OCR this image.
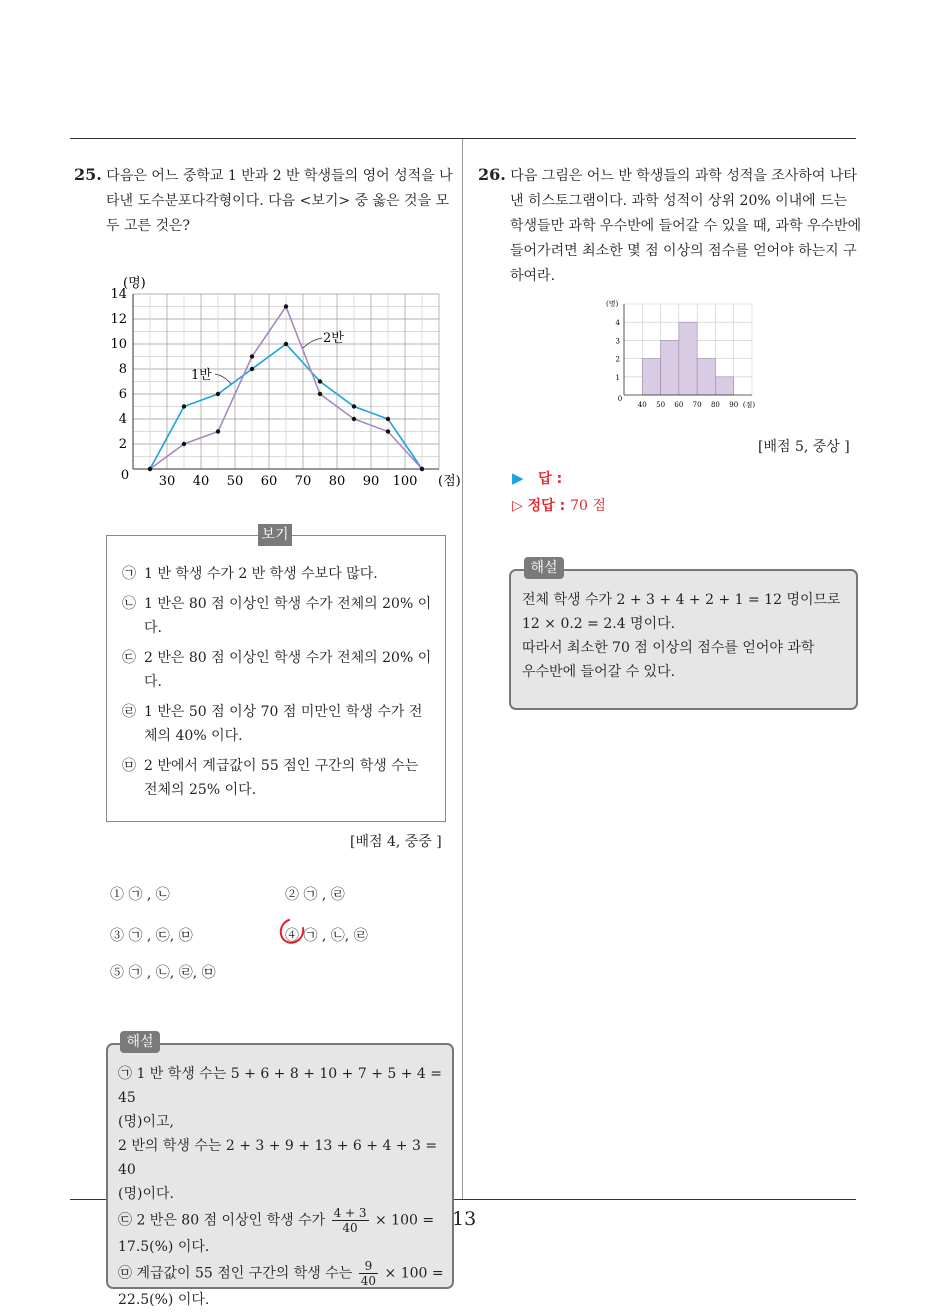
25. 다음은 어느 중학교 1 반과 2 반 학생들의 영어 성적을 나타낸 도수분포다각형이다. 다음 <보기> 중 옳은 것을 모두 고른 것은?
2
4
6
8
10
12
14
0 30 40 50 60 70 80 90 100
(명)
(점)
1반
2반
보기
㉠ 1 반 학생 수가 2 반 학생 수보다 많다.
㉡ 1 반은 80 점 이상인 학생 수가 전체의 20% 이다.
㉢ 2 반은 80 점 이상인 학생 수가 전체의 20% 이다.
㉣ 1 반은 50 점 이상 70 점 미만인 학생 수가 전체의 40% 이다.
㉤ 2 반에서 계급값이 55 점인 구간의 학생 수는 전체의 25% 이다.
[배점 4, 중중 ]
① ㉠ , ㉡	② ㉠ , ㉣
③ ㉠ , ㉢, ㉤	④ ㉠ , ㉡, ㉣
⑤ ㉠ , ㉡, ㉣, ㉤
해설
㉠ 1 반 학생 수는 5 + 6 + 8 + 10 + 7 + 5 + 4 = 45
(명)이고,
2 반의 학생 수는 2 + 3 + 9 + 13 + 6 + 4 + 3 = 40
(명)이다.
㉢ 2 반은 80 점 이상인 학생 수가 $\frac{4 + 3}{40} \times 100$ =
17.5(%) 이다.
㉤ 계급값이 55 점인 구간의 학생 수는 $\frac{9}{40} \times 100$ =
22.5(%) 이다.
26. 다음 그림은 어느 반 학생들의 과학 성적을 조사하여 나타낸 히스토그램이다. 과학 성적이 상위 20% 이내에 드는 학생들만 과학 우수반에 들어갈 수 있을 때, 과학 우수반에 들어가려면 최소한 몇 점 이상의 점수를 얻어야 하는지 구하여라.
1
2
3
4
0
40 50 60 70 80 90
(명)
(점)
[배점 5, 중상 ]
▶ 답 :
▷ 정답 : 70 점
해설
전체 학생 수가 2 + 3 + 4 + 2 + 1 = 12 명이므로
12 × 0.2 = 2.4 명이다.
따라서 최소한 70 점 이상의 점수를 얻어야 과학
우수반에 들어갈 수 있다.
13
